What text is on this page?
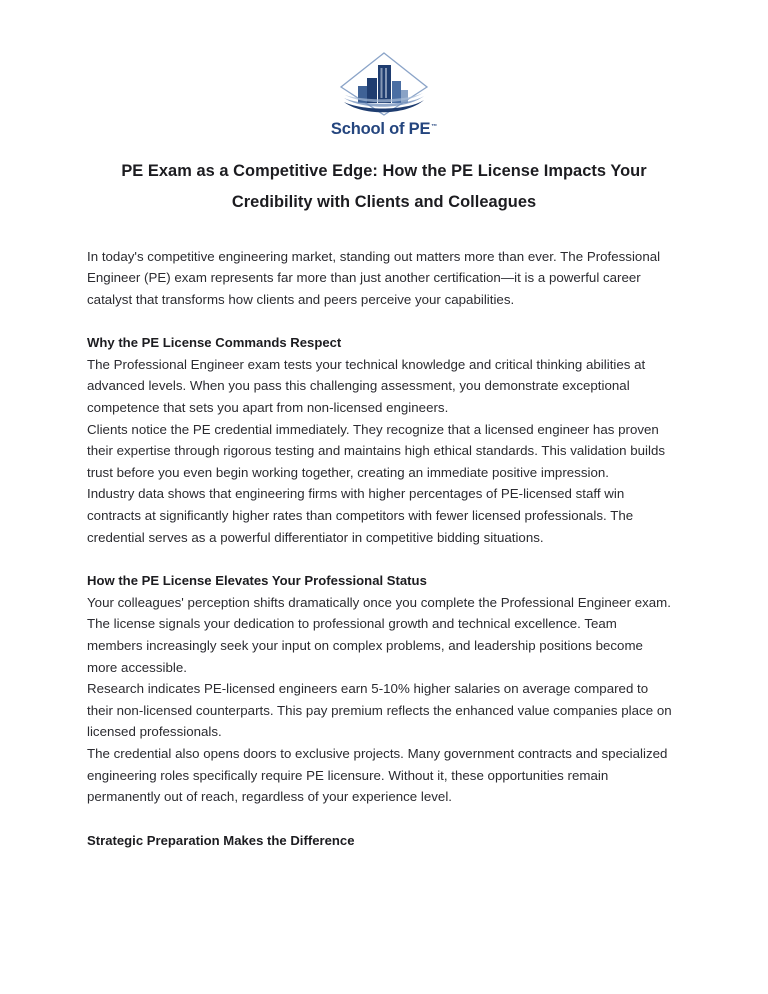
School of PE™
PE Exam as a Competitive Edge: How the PE License Impacts Your Credibility with Clients and Colleagues

In today's competitive engineering market, standing out matters more than ever. The Professional Engineer (PE) exam represents far more than just another certification—it is a powerful career catalyst that transforms how clients and peers perceive your capabilities.

Why the PE License Commands Respect

The Professional Engineer exam tests your technical knowledge and critical thinking abilities at advanced levels. When you pass this challenging assessment, you demonstrate exceptional competence that sets you apart from non-licensed engineers.

Clients notice the PE credential immediately. They recognize that a licensed engineer has proven their expertise through rigorous testing and maintains high ethical standards. This validation builds trust before you even begin working together, creating an immediate positive impression.

Industry data shows that engineering firms with higher percentages of PE-licensed staff win contracts at significantly higher rates than competitors with fewer licensed professionals. The credential serves as a powerful differentiator in competitive bidding situations.

How the PE License Elevates Your Professional Status

Your colleagues' perception shifts dramatically once you complete the Professional Engineer exam. The license signals your dedication to professional growth and technical excellence. Team members increasingly seek your input on complex problems, and leadership positions become more accessible.

Research indicates PE-licensed engineers earn 5-10% higher salaries on average compared to their non-licensed counterparts. This pay premium reflects the enhanced value companies place on licensed professionals.

The credential also opens doors to exclusive projects. Many government contracts and specialized engineering roles specifically require PE licensure. Without it, these opportunities remain permanently out of reach, regardless of your experience level.

Strategic Preparation Makes the Difference
